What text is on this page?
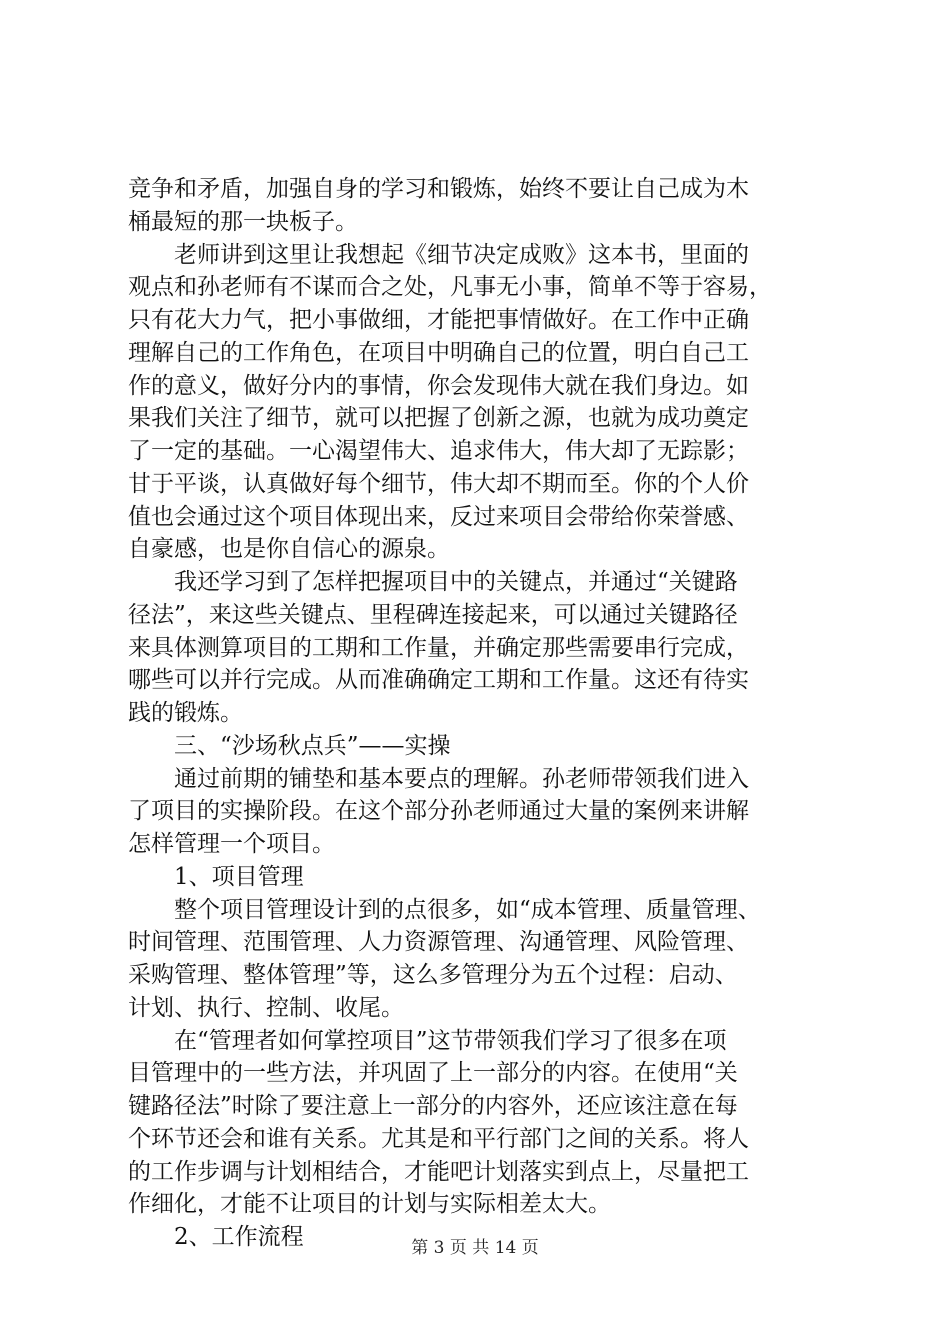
竞争和矛盾，加强自身的学习和锻炼，始终不要让自己成为木
桶最短的那一块板子。
老师讲到这里让我想起《细节决定成败》这本书，里面的
观点和孙老师有不谋而合之处，凡事无小事，简单不等于容易，
只有花大力气，把小事做细，才能把事情做好。在工作中正确
理解自己的工作角色，在项目中明确自己的位置，明白自己工
作的意义，做好分内的事情，你会发现伟大就在我们身边。如
果我们关注了细节，就可以把握了创新之源，也就为成功奠定
了一定的基础。一心渴望伟大、追求伟大，伟大却了无踪影；
甘于平谈，认真做好每个细节，伟大却不期而至。你的个人价
值也会通过这个项目体现出来，反过来项目会带给你荣誉感、
自豪感，也是你自信心的源泉。
我还学习到了怎样把握项目中的关键点，并通过“关键路
径法”，来这些关键点、里程碑连接起来，可以通过关键路径
来具体测算项目的工期和工作量，并确定那些需要串行完成，
哪些可以并行完成。从而准确确定工期和工作量。这还有待实
践的锻炼。
三、“沙场秋点兵”——实操
通过前期的铺垫和基本要点的理解。孙老师带领我们进入
了项目的实操阶段。在这个部分孙老师通过大量的案例来讲解
怎样管理一个项目。
1、项目管理
整个项目管理设计到的点很多，如“成本管理、质量管理、
时间管理、范围管理、人力资源管理、沟通管理、风险管理、
采购管理、整体管理”等，这么多管理分为五个过程：启动、
计划、执行、控制、收尾。
在“管理者如何掌控项目”这节带领我们学习了很多在项
目管理中的一些方法，并巩固了上一部分的内容。在使用“关
键路径法”时除了要注意上一部分的内容外，还应该注意在每
个环节还会和谁有关系。尤其是和平行部门之间的关系。将人
的工作步调与计划相结合，才能吧计划落实到点上，尽量把工
作细化，才能不让项目的计划与实际相差太大。
2、工作流程	第 3 页 共 14 页
